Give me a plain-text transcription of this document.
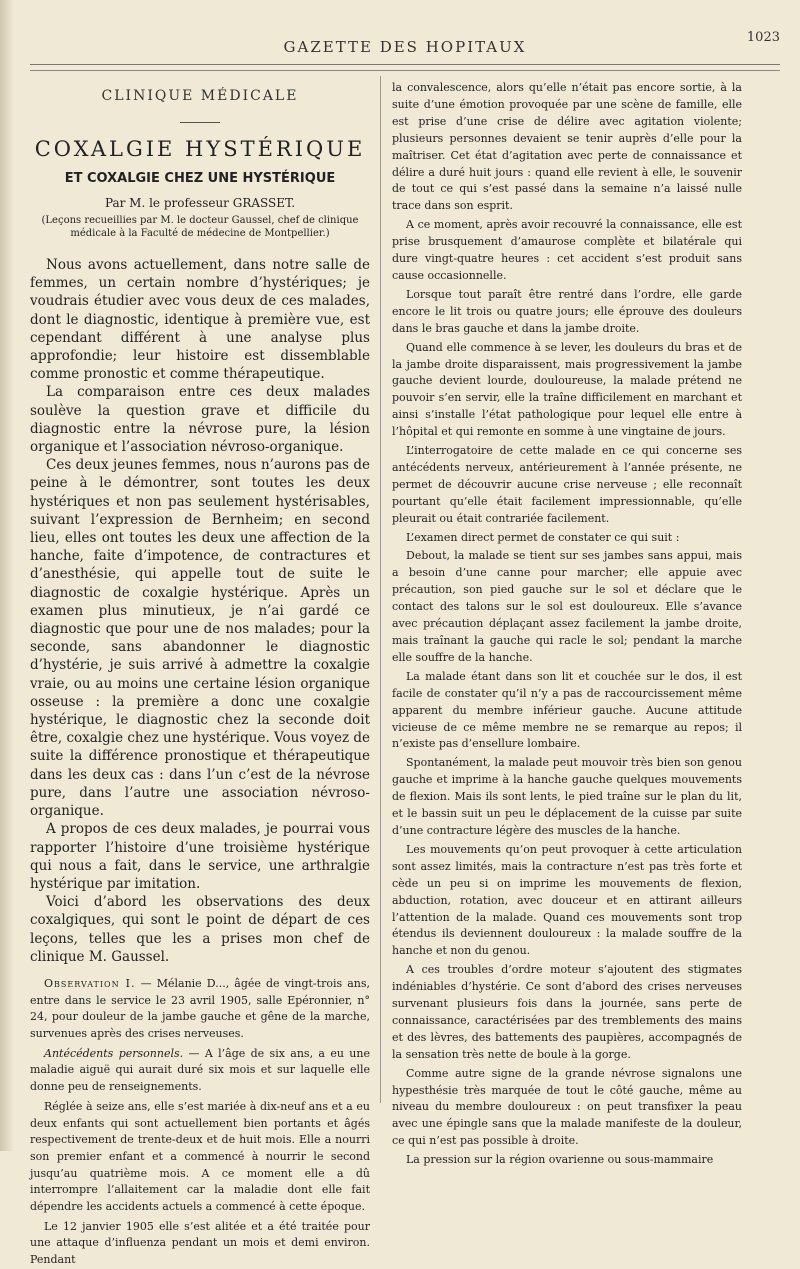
GAZETTE DES HOPITAUX
1023
CLINIQUE MÉDICALE
COXALGIE HYSTÉRIQUE
ET COXALGIE CHEZ UNE HYSTÉRIQUE
Par M. le professeur GRASSET.
(Leçons recueillies par M. le docteur Gaussel, chef de clinique médicale à la Faculté de médecine de Montpellier.)

Nous avons actuellement, dans notre salle de femmes, un certain nombre d’hystériques; je voudrais étudier avec vous deux de ces malades, dont le diagnostic, identique à première vue, est cependant différent à une analyse plus approfondie; leur histoire est dissemblable comme pronostic et comme thérapeutique.

La comparaison entre ces deux malades soulève la question grave et difficile du diagnostic entre la névrose pure, la lésion organique et l’association névroso-organique.

Ces deux jeunes femmes, nous n’aurons pas de peine à le démontrer, sont toutes les deux hystériques et non pas seulement hystérisables, suivant l’expression de Bernheim; en second lieu, elles ont toutes les deux une affection de la hanche, faite d’impotence, de contractures et d’anesthésie, qui appelle tout de suite le diagnostic de coxalgie hystérique. Après un examen plus minutieux, je n’ai gardé ce diagnostic que pour une de nos malades; pour la seconde, sans abandonner le diagnostic d’hystérie, je suis arrivé à admettre la coxalgie vraie, ou au moins une certaine lésion organique osseuse : la première a donc une coxalgie hystérique, le diagnostic chez la seconde doit être, coxalgie chez une hystérique. Vous voyez de suite la différence pronostique et thérapeutique dans les deux cas : dans l’un c’est de la névrose pure, dans l’autre une association névroso-organique.

A propos de ces deux malades, je pourrai vous rapporter l’histoire d’une troisième hystérique qui nous a fait, dans le service, une arthralgie hystérique par imitation.

Voici d’abord les observations des deux coxalgiques, qui sont le point de départ de ces leçons, telles que les a prises mon chef de clinique M. Gaussel.

Observation I. — Mélanie D..., âgée de vingt-trois ans, entre dans le service le 23 avril 1905, salle Epéronnier, n° 24, pour douleur de la jambe gauche et gêne de la marche, survenues après des crises nerveuses.

Antécédents personnels. — A l’âge de six ans, a eu une maladie aiguë qui aurait duré six mois et sur laquelle elle donne peu de renseignements.

Réglée à seize ans, elle s’est mariée à dix-neuf ans et a eu deux enfants qui sont actuellement bien portants et âgés respectivement de trente-deux et de huit mois. Elle a nourri son premier enfant et a commencé à nourrir le second jusqu’au quatrième mois. A ce moment elle a dû interrompre l’allaitement car la maladie dont elle fait dépendre les accidents actuels a commencé à cette époque.

Le 12 janvier 1905 elle s’est alitée et a été traitée pour une attaque d’influenza pendant un mois et demi environ. Pendant

la convalescence, alors qu’elle n’était pas encore sortie, à la suite d’une émotion provoquée par une scène de famille, elle est prise d’une crise de délire avec agitation violente; plusieurs personnes devaient se tenir auprès d’elle pour la maîtriser. Cet état d’agitation avec perte de connaissance et délire a duré huit jours : quand elle revient à elle, le souvenir de tout ce qui s’est passé dans la semaine n’a laissé nulle trace dans son esprit.

A ce moment, après avoir recouvré la connaissance, elle est prise brusquement d’amaurose complète et bilatérale qui dure vingt-quatre heures : cet accident s’est produit sans cause occasionnelle.

Lorsque tout paraît être rentré dans l’ordre, elle garde encore le lit trois ou quatre jours; elle éprouve des douleurs dans le bras gauche et dans la jambe droite.

Quand elle commence à se lever, les douleurs du bras et de la jambe droite disparaissent, mais progressivement la jambe gauche devient lourde, douloureuse, la malade prétend ne pouvoir s’en servir, elle la traîne difficilement en marchant et ainsi s’installe l’état pathologique pour lequel elle entre à l’hôpital et qui remonte en somme à une vingtaine de jours.

L’interrogatoire de cette malade en ce qui concerne ses antécédents nerveux, antérieurement à l’année présente, ne permet de découvrir aucune crise nerveuse ; elle reconnaît pourtant qu’elle était facilement impressionnable, qu’elle pleurait ou était contrariée facilement.

L’examen direct permet de constater ce qui suit :

Debout, la malade se tient sur ses jambes sans appui, mais a besoin d’une canne pour marcher; elle appuie avec précaution, son pied gauche sur le sol et déclare que le contact des talons sur le sol est douloureux. Elle s’avance avec précaution déplaçant assez facilement la jambe droite, mais traînant la gauche qui racle le sol; pendant la marche elle souffre de la hanche.

La malade étant dans son lit et couchée sur le dos, il est facile de constater qu’il n’y a pas de raccourcissement même apparent du membre inférieur gauche. Aucune attitude vicieuse de ce même membre ne se remarque au repos; il n’existe pas d’ensellure lombaire.

Spontanément, la malade peut mouvoir très bien son genou gauche et imprime à la hanche gauche quelques mouvements de flexion. Mais ils sont lents, le pied traîne sur le plan du lit, et le bassin suit un peu le déplacement de la cuisse par suite d’une contracture légère des muscles de la hanche.

Les mouvements qu’on peut provoquer à cette articulation sont assez limités, mais la contracture n’est pas très forte et cède un peu si on imprime les mouvements de flexion, abduction, rotation, avec douceur et en attirant ailleurs l’attention de la malade. Quand ces mouvements sont trop étendus ils deviennent douloureux : la malade souffre de la hanche et non du genou.

A ces troubles d’ordre moteur s’ajoutent des stigmates indéniables d’hystérie. Ce sont d’abord des crises nerveuses survenant plusieurs fois dans la journée, sans perte de connaissance, caractérisées par des tremblements des mains et des lèvres, des battements des paupières, accompagnés de la sensation très nette de boule à la gorge.

Comme autre signe de la grande névrose signalons une hypesthésie très marquée de tout le côté gauche, même au niveau du membre douloureux : on peut transfixer la peau avec une épingle sans que la malade manifeste de la douleur, ce qui n’est pas possible à droite.

La pression sur la région ovarienne ou sous-mammaire
